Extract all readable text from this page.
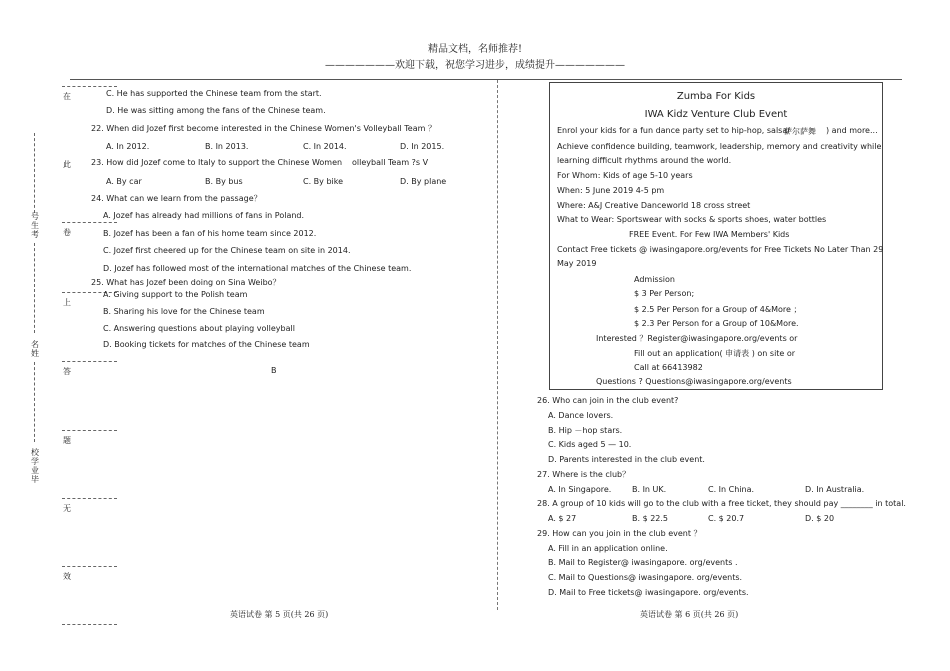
精品文档，名师推荐!
———————欢迎下载，祝您学习进步，成绩提升———————
在
此
卷
上
答
题
无
效
号生考
名姓
校学业毕
C. He has supported the Chinese team from the start.
D. He was sitting among the fans of the Chinese team.
22. When did Jozef first become interested in the Chinese Women's Volleyball Team ？
A. In 2012.	B. In 2013.	C. In 2014.	D. In 2015.
23. How did Jozef come to Italy to support the Chinese Women olleyball Team ?s V
A. By car	B. By bus	C. By bike	D. By plane
24. What can we learn from the passage？
A. Jozef has already had millions of fans in Poland.
B. Jozef has been a fan of his home team since 2012.
C. Jozef first cheered up for the Chinese team on site in 2014.
D. Jozef has followed most of the international matches of the Chinese team.
25. What has Jozef been doing on Sina Weibo？
A. Giving support to the Polish team
B. Sharing his love for the Chinese team
C. Answering questions about playing volleyball
D. Booking tickets for matches of the Chinese team
B
Zumba For Kids
IWA Kidz Venture Club Event
Enrol your kids for a fun dance party set to hip-hop, salsa(
萨尔萨舞 ) and more...
Achieve confidence building, teamwork, leadership, memory and creativity while
learning difficult rhythms around the world.
For Whom: Kids of age 5-10 years
When: 5 June 2019 4-5 pm
Where: A&J Creative Danceworld 18 cross street
What to Wear: Sportswear with socks & sports shoes, water bottles
FREE Event. For Few IWA Members' Kids
Contact Free tickets @ iwasingapore.org/events for Free Tickets No Later Than 29
May 2019
Admission
$ 3 Per Person;
$ 2.5 Per Person for a Group of 4&More ；
$ 2.3 Per Person for a Group of 10&More.
Interested ？Register@iwasingapore.org/events or
Fill out an application( 申请表 ) on site or
Call at 66413982
Questions ? Questions@iwasingapore.org/events
26. Who can join in the club event?
A. Dance lovers.
B. Hip －hop stars.
C. Kids aged 5 — 10.
D. Parents interested in the club event.
27. Where is the club？
A. In Singapore.	B. In UK.	C. In China.	D. In Australia.
28. A group of 10 kids will go to the club with a free ticket, they should pay ________ in total.
A. $ 27	B. $ 22.5	C. $ 20.7	D. $ 20
29. How can you join in the club event ？
A. Fill in an application online.
B. Mail to Register@ iwasingapore. org/events .
C. Mail to Questions@ iwasingapore. org/events.
D. Mail to Free tickets@ iwasingapore. org/events.
英语试卷 第 5 页(共 26 页)	英语试卷 第 6 页(共 26 页)
